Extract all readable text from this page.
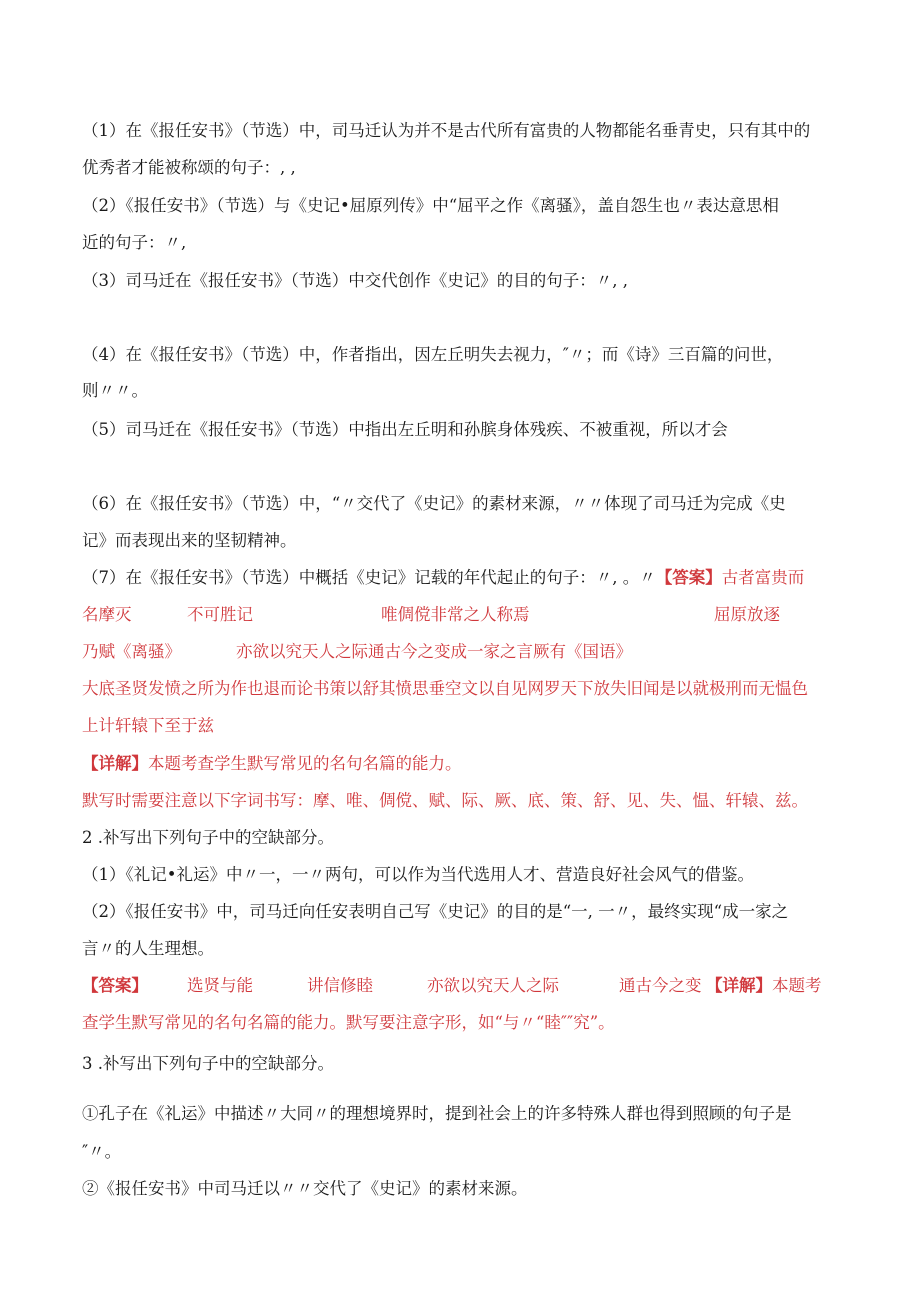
（1）在《报任安书》（节选）中，司马迁认为并不是古代所有富贵的人物都能名垂青史，只有其中的
优秀者才能被称颂的句子：, ,
（2）《报任安书》（节选）与《史记•屈原列传》中“屈平之作《离骚》，盖自怨生也〃表达意思相
近的句子：〃,
（3）司马迁在《报任安书》（节选）中交代创作《史记》的目的句子：〃, ,
（4）在《报任安书》（节选）中，作者指出，因左丘明失去视力，″〃；而《诗》三百篇的问世，
则〃〃。
（5）司马迁在《报任安书》（节选）中指出左丘明和孙膑身体残疾、不被重视，所以才会
（6）在《报任安书》（节选）中，“〃交代了《史记》的素材来源，〃〃体现了司马迁为完成《史
记》而表现出来的坚韧精神。
（7）在《报任安书》（节选）中概括《史记》记载的年代起止的句子：〃, 。〃【答案】古者富贵而
名摩灭	不可胜记	唯倜傥非常之人称焉	屈原放逐
乃赋《离骚》	亦欲以究天人之际通古今之变成一家之言厥有《国语》
大底圣贤发愤之所为作也退而论书策以舒其愤思垂空文以自见网罗天下放失旧闻是以就极刑而无愠色
上计轩辕下至于兹
【详解】本题考查学生默写常见的名句名篇的能力。
默写时需要注意以下字词书写：摩、唯、倜傥、赋、际、厥、底、策、舒、见、失、愠、轩辕、兹。
2 .补写出下列句子中的空缺部分。
（1）《礼记•礼运》中〃一，一〃两句，可以作为当代选用人才、营造良好社会风气的借鉴。
（2）《报任安书》中，司马迁向任安表明自己写《史记》的目的是“一, 一〃，最终实现“成一家之
言〃的人生理想。
【答案】 选贤与能	讲信修睦	亦欲以究天人之际	通古今之变 【详解】本题考
查学生默写常见的名句名篇的能力。默写要注意字形，如“与〃“睦″″究”。
3 .补写出下列句子中的空缺部分。
①孔子在《礼运》中描述〃大同〃的理想境界时，提到社会上的许多特殊人群也得到照顾的句子是
″〃。
②《报任安书》中司马迁以〃〃交代了《史记》的素材来源。
